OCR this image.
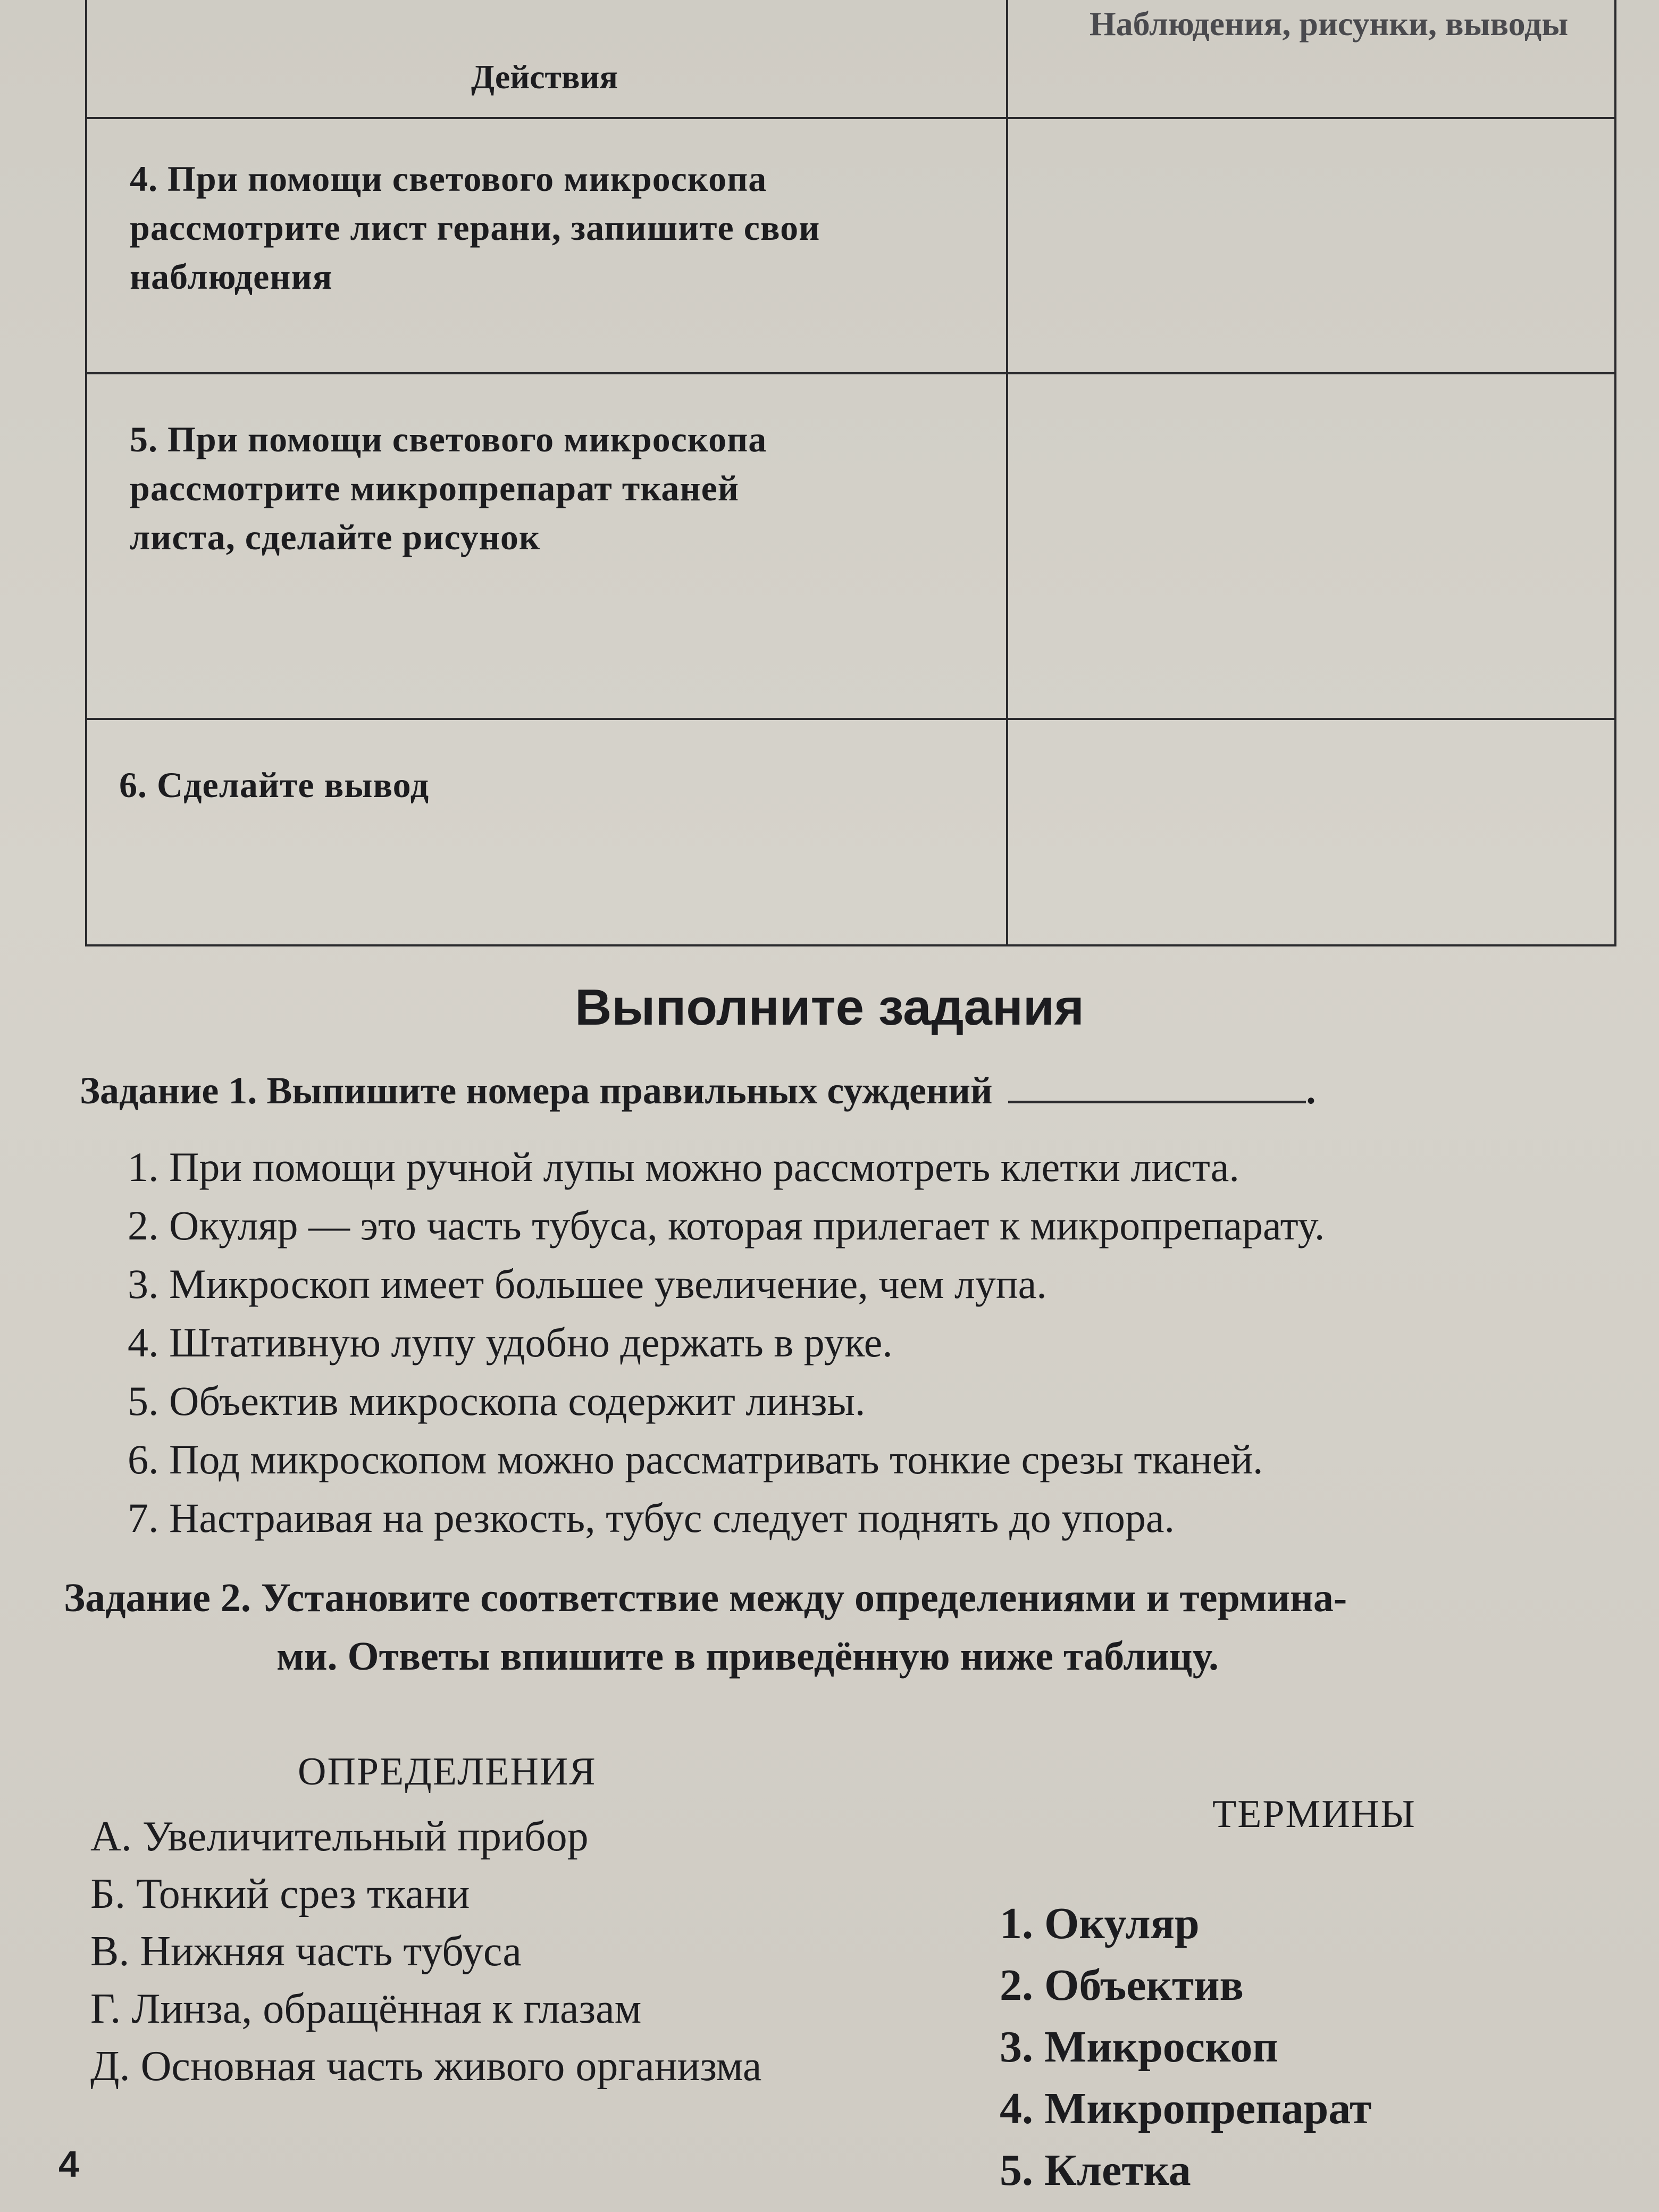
Действия
Наблюдения, рисунки, выводы
4. При помощи светового микроскопа
рассмотрите лист герани, запишите свои
наблюдения
5. При помощи светового микроскопа
рассмотрите микропрепарат тканей
листа, сделайте рисунок
6. Сделайте вывод
Выполните задания
Задание 1. Выпишите номера правильных суждений	.
1. При помощи ручной лупы можно рассмотреть клетки листа.
2. Окуляр — это часть тубуса, которая прилегает к микропрепарату.
3. Микроскоп имеет большее увеличение, чем лупа.
4. Штативную лупу удобно держать в руке.
5. Объектив микроскопа содержит линзы.
6. Под микроскопом можно рассматривать тонкие срезы тканей.
7. Настраивая на резкость, тубус следует поднять до упора.
Задание 2. Установите соответствие между определениями и термина-
ми. Ответы впишите в приведённую ниже таблицу.
ОПРЕДЕЛЕНИЯ
ТЕРМИНЫ
А. Увеличительный прибор
Б. Тонкий срез ткани
В. Нижняя часть тубуса
Г. Линза, обращённая к глазам
Д. Основная часть живого организма
1. Окуляр
2. Объектив
3. Микроскоп
4. Микропрепарат
5. Клетка
4
